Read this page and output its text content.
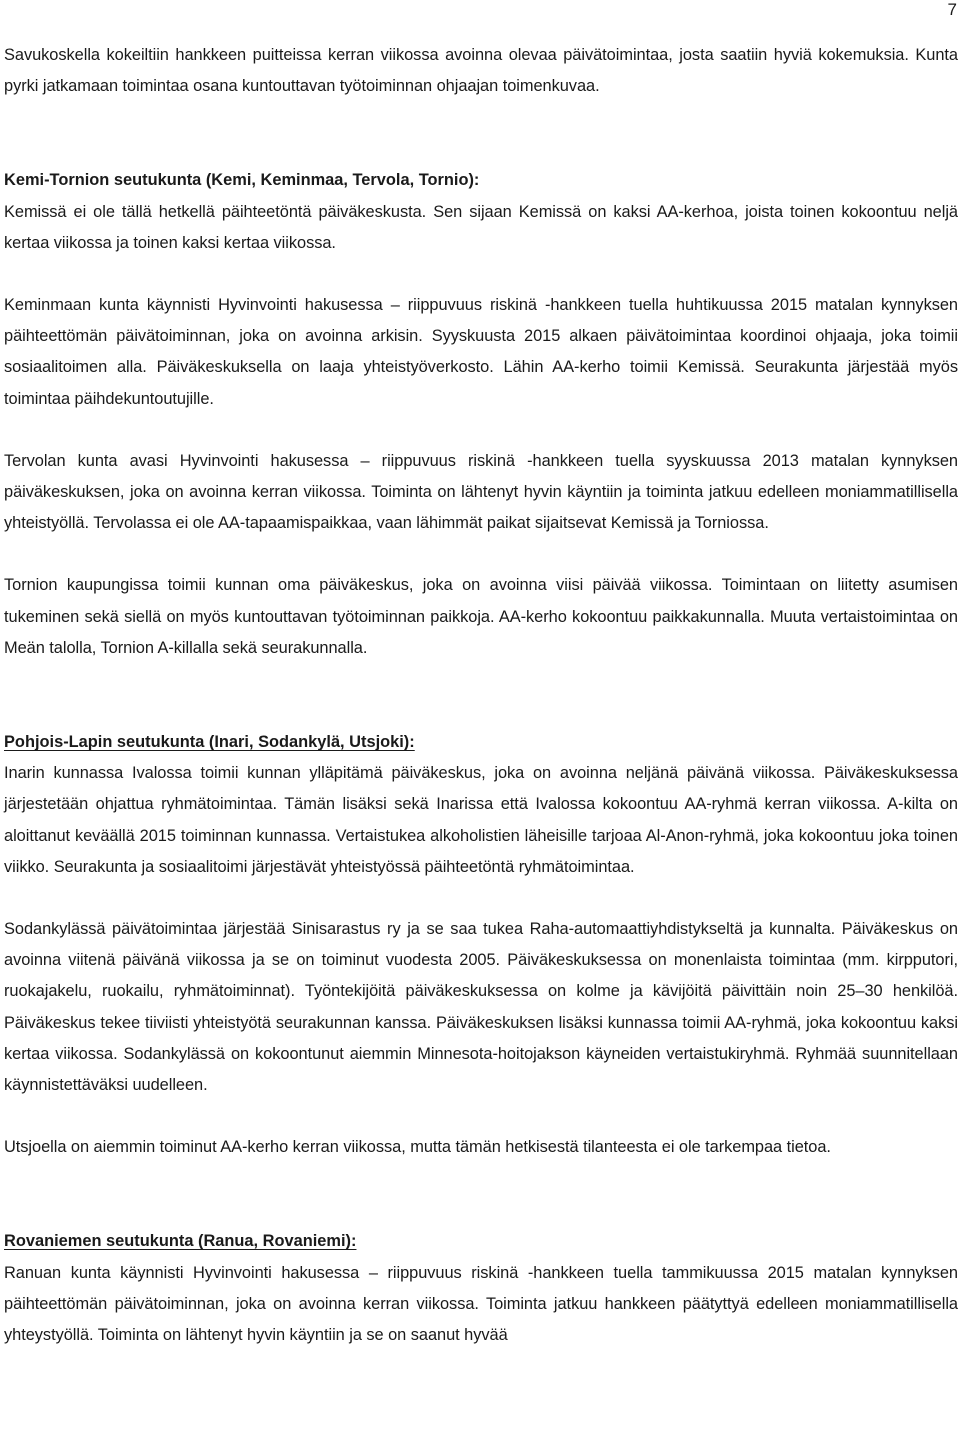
7

Savukoskella kokeiltiin hankkeen puitteissa kerran viikossa avoinna olevaa päivätoimintaa, josta saatiin hyviä kokemuksia. Kunta pyrki jatkamaan toimintaa osana kuntouttavan työtoiminnan ohjaajan toimenkuvaa.

Kemi-Tornion seutukunta (Kemi, Keminmaa, Tervola, Tornio):

Kemissä ei ole tällä hetkellä päihteetöntä päiväkeskusta. Sen sijaan Kemissä on kaksi AA-kerhoa, joista toinen kokoontuu neljä kertaa viikossa ja toinen kaksi kertaa viikossa.

Keminmaan kunta käynnisti Hyvinvointi hakusessa – riippuvuus riskinä -hankkeen tuella huhtikuussa 2015 matalan kynnyksen päihteettömän päivätoiminnan, joka on avoinna arkisin. Syyskuusta 2015 alkaen päivätoimintaa koordinoi ohjaaja, joka toimii sosiaalitoimen alla. Päiväkeskuksella on laaja yhteistyöverkosto. Lähin AA-kerho toimii Kemissä. Seurakunta järjestää myös toimintaa päihdekuntoutujille.

Tervolan kunta avasi Hyvinvointi hakusessa – riippuvuus riskinä -hankkeen tuella syyskuussa 2013 matalan kynnyksen päiväkeskuksen, joka on avoinna kerran viikossa. Toiminta on lähtenyt hyvin käyntiin ja toiminta jatkuu edelleen moniammatillisella yhteistyöllä. Tervolassa ei ole AA-tapaamispaikkaa, vaan lähimmät paikat sijaitsevat Kemissä ja Torniossa.

Tornion kaupungissa toimii kunnan oma päiväkeskus, joka on avoinna viisi päivää viikossa. Toimintaan on liitetty asumisen tukeminen sekä siellä on myös kuntouttavan työtoiminnan paikkoja. AA-kerho kokoontuu paikkakunnalla. Muuta vertaistoimintaa on Meän talolla, Tornion A-killalla sekä seurakunnalla.

Pohjois-Lapin seutukunta (Inari, Sodankylä, Utsjoki):

Inarin kunnassa Ivalossa toimii kunnan ylläpitämä päiväkeskus, joka on avoinna neljänä päivänä viikossa. Päiväkeskuksessa järjestetään ohjattua ryhmätoimintaa. Tämän lisäksi sekä Inarissa että Ivalossa kokoontuu AA-ryhmä kerran viikossa. A-kilta on aloittanut keväällä 2015 toiminnan kunnassa. Vertaistukea alkoholistien läheisille tarjoaa Al-Anon-ryhmä, joka kokoontuu joka toinen viikko. Seurakunta ja sosiaalitoimi järjestävät yhteistyössä päihteetöntä ryhmätoimintaa.

Sodankylässä päivätoimintaa järjestää Sinisarastus ry ja se saa tukea Raha-automaattiyhdistykseltä ja kunnalta. Päiväkeskus on avoinna viitenä päivänä viikossa ja se on toiminut vuodesta 2005. Päiväkeskuksessa on monenlaista toimintaa (mm. kirpputori, ruokajakelu, ruokailu, ryhmätoiminnat). Työntekijöitä päiväkeskuksessa on kolme ja kävijöitä päivittäin noin 25–30 henkilöä. Päiväkeskus tekee tiiviisti yhteistyötä seurakunnan kanssa. Päiväkeskuksen lisäksi kunnassa toimii AA-ryhmä, joka kokoontuu kaksi kertaa viikossa. Sodankylässä on kokoontunut aiemmin Minnesota-hoitojakson käyneiden vertaistukiryhmä. Ryhmää suunnitellaan käynnistettäväksi uudelleen.

Utsjoella on aiemmin toiminut AA-kerho kerran viikossa, mutta tämän hetkisestä tilanteesta ei ole tarkempaa tietoa.

Rovaniemen seutukunta (Ranua, Rovaniemi):

Ranuan kunta käynnisti Hyvinvointi hakusessa – riippuvuus riskinä -hankkeen tuella tammikuussa 2015 matalan kynnyksen päihteettömän päivätoiminnan, joka on avoinna kerran viikossa. Toiminta jatkuu hankkeen päätyttyä edelleen moniammatillisella yhteystyöllä. Toiminta on lähtenyt hyvin käyntiin ja se on saanut hyvää
